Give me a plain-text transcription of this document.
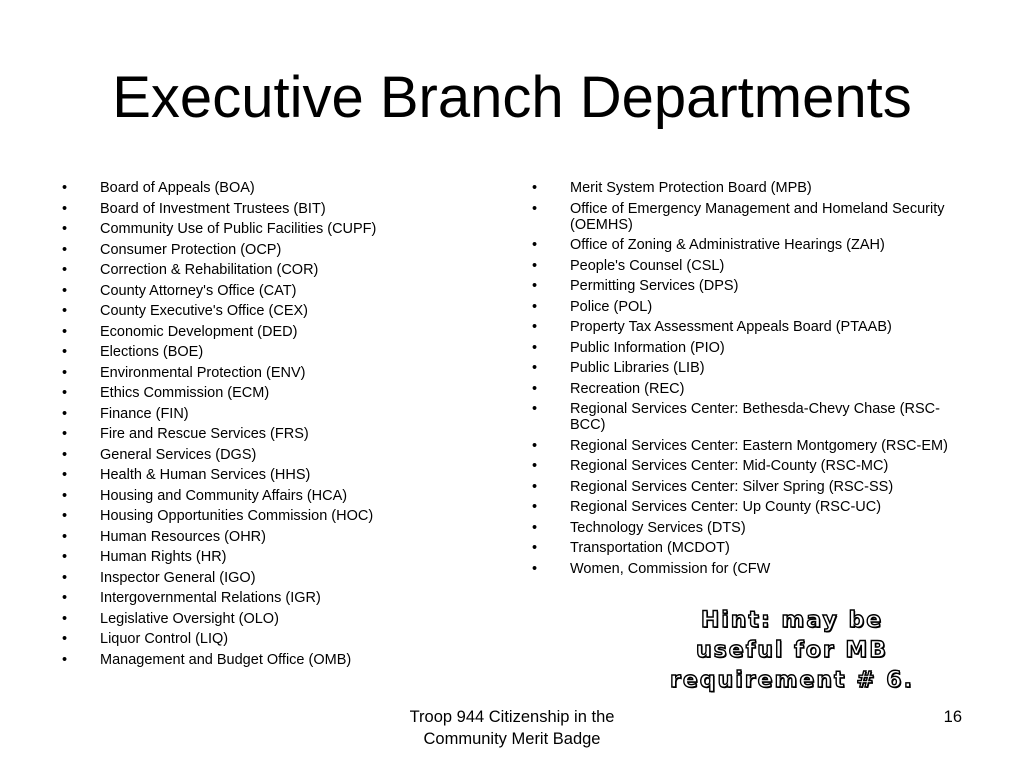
Executive Branch Departments
• Board of Appeals (BOA)
• Board of Investment Trustees (BIT)
• Community Use of Public Facilities (CUPF)
• Consumer Protection (OCP)
• Correction & Rehabilitation (COR)
• County Attorney's Office (CAT)
• County Executive's Office (CEX)
• Economic Development (DED)
• Elections (BOE)
• Environmental Protection (ENV)
• Ethics Commission (ECM)
• Finance (FIN)
• Fire and Rescue Services (FRS)
• General Services (DGS)
• Health & Human Services (HHS)
• Housing and Community Affairs (HCA)
• Housing Opportunities Commission (HOC)
• Human Resources (OHR)
• Human Rights (HR)
• Inspector General (IGO)
• Intergovernmental Relations (IGR)
• Legislative Oversight (OLO)
• Liquor Control (LIQ)
• Management and Budget Office (OMB)
• Merit System Protection Board (MPB)
• Office of Emergency Management and Homeland Security (OEMHS)
• Office of Zoning & Administrative Hearings (ZAH)
• People's Counsel (CSL)
• Permitting Services (DPS)
• Police (POL)
• Property Tax Assessment Appeals Board (PTAAB)
• Public Information (PIO)
• Public Libraries (LIB)
• Recreation (REC)
• Regional Services Center: Bethesda-Chevy Chase (RSC-BCC)
• Regional Services Center: Eastern Montgomery (RSC-EM)
• Regional Services Center: Mid-County (RSC-MC)
• Regional Services Center: Silver Spring (RSC-SS)
• Regional Services Center: Up County (RSC-UC)
• Technology Services (DTS)
• Transportation (MCDOT)
• Women, Commission for (CFW
Hint: may be
useful for MB
requirement # 6.
Troop 944 Citizenship in the
Community Merit Badge
16
